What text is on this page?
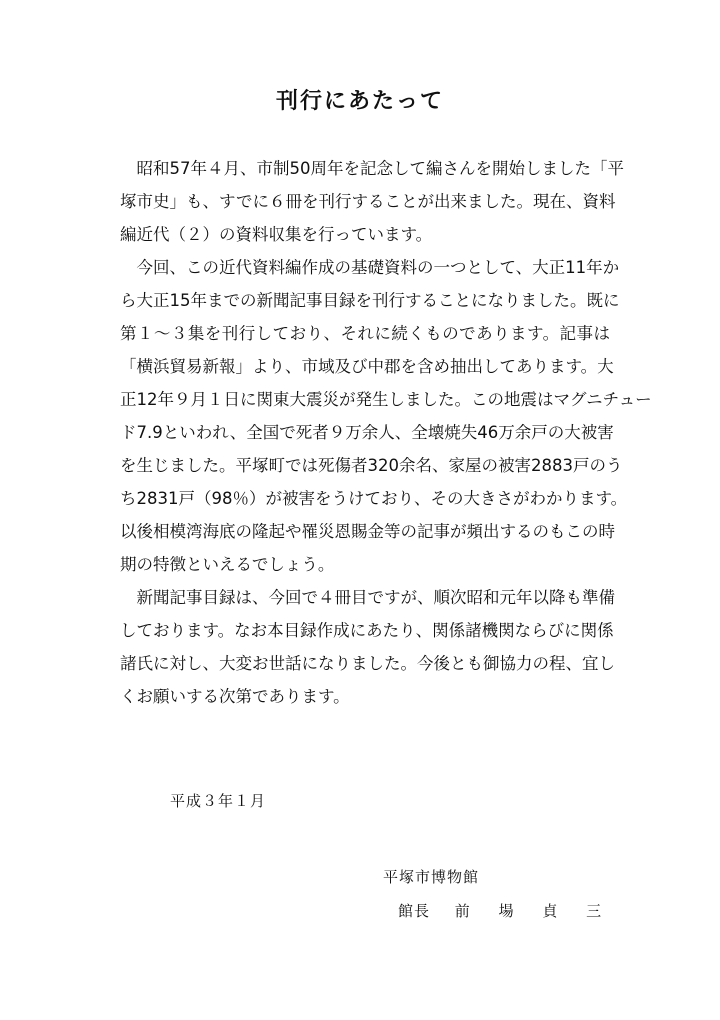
刊行にあたって
　昭和57年４月、市制50周年を記念して編さんを開始しました「平
塚市史」も、すでに６冊を刊行することが出来ました。現在、資料
編近代（２）の資料収集を行っています。
　今回、この近代資料編作成の基礎資料の一つとして、大正11年か
ら大正15年までの新聞記事目録を刊行することになりました。既に
第１～３集を刊行しており、それに続くものであります。記事は
「横浜貿易新報」より、市域及び中郡を含め抽出してあります。大
正12年９月１日に関東大震災が発生しました。この地震はマグニチュー
ド7.9といわれ、全国で死者９万余人、全壊焼失46万余戸の大被害
を生じました。平塚町では死傷者320余名、家屋の被害2883戸のう
ち2831戸（98％）が被害をうけており、その大きさがわかります。
以後相模湾海底の隆起や罹災恩賜金等の記事が頻出するのもこの時
期の特徴といえるでしょう。
　新聞記事目録は、今回で４冊目ですが、順次昭和元年以降も準備
しております。なお本目録作成にあたり、関係諸機関ならびに関係
諸氏に対し、大変お世話になりました。今後とも御協力の程、宜し
くお願いする次第であります。
平成３年１月
平塚市博物館
館長 前 場 貞 三
